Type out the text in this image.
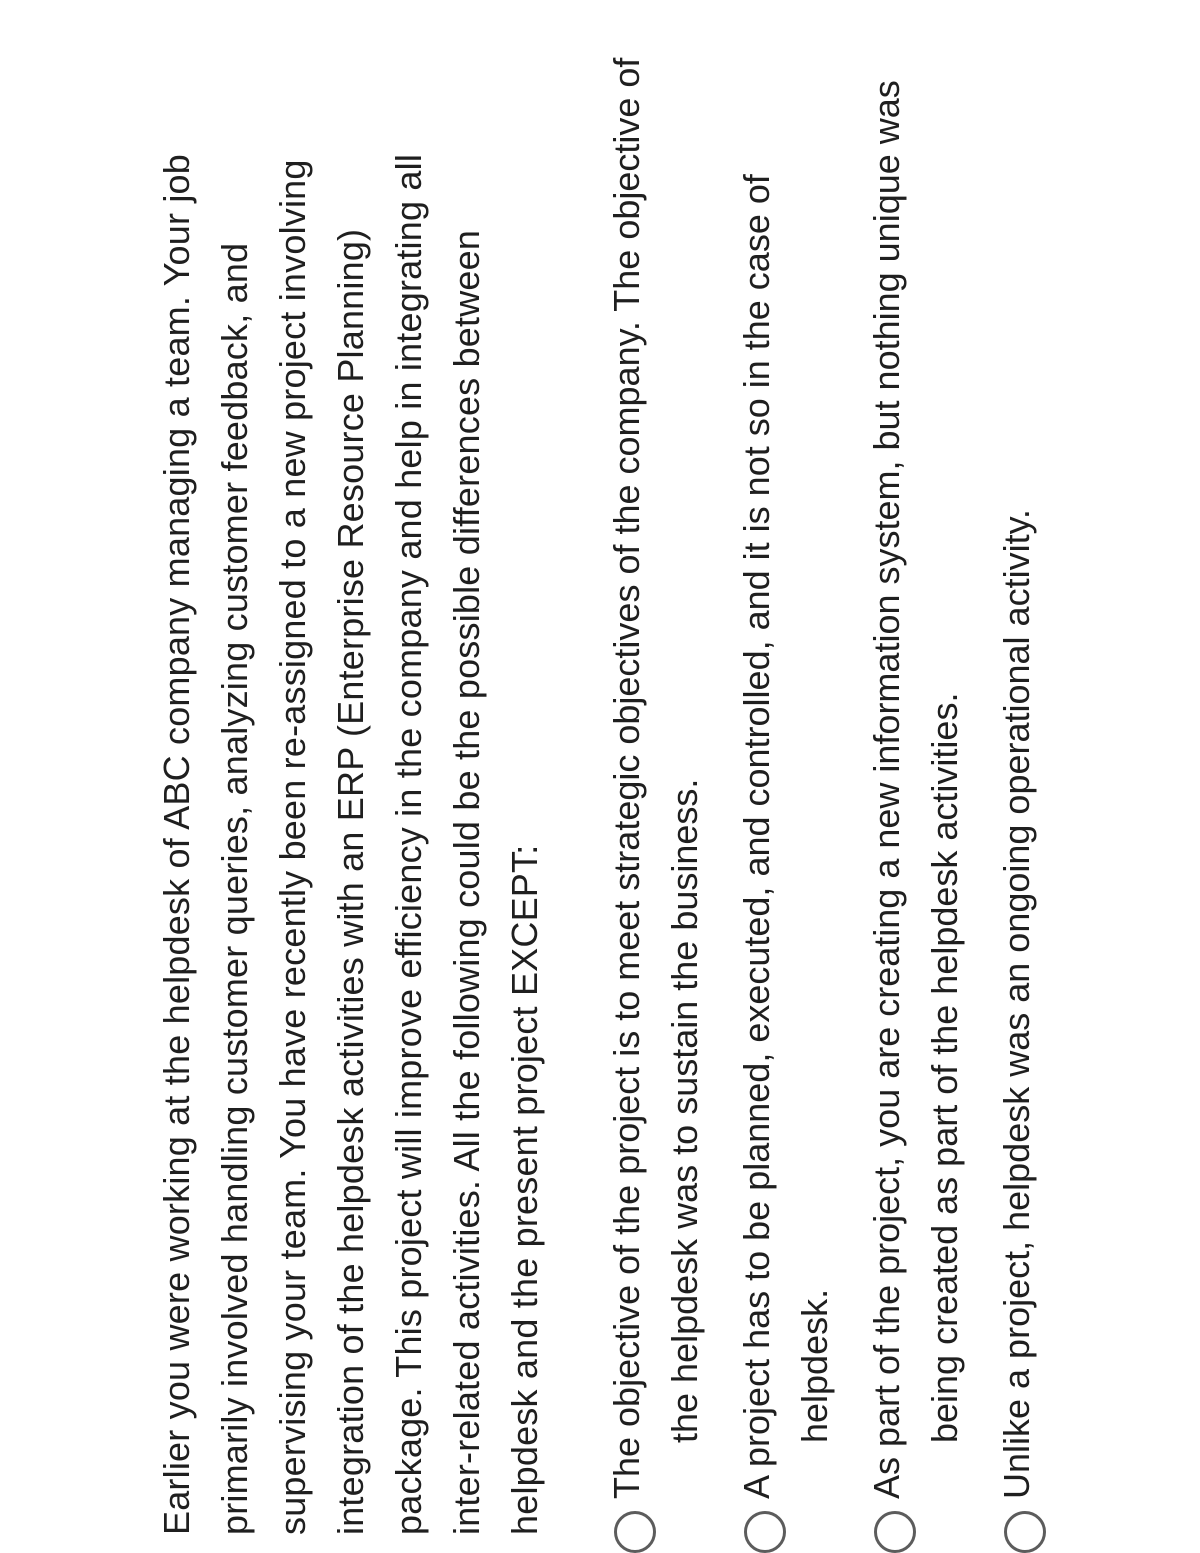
Earlier you were working at the helpdesk of ABC company managing a team. Your job primarily involved handling customer queries, analyzing customer feedback, and supervising your team. You have recently been re-assigned to a new project involving integration of the helpdesk activities with an ERP (Enterprise Resource Planning) package. This project will improve efficiency in the company and help in integrating all inter-related activities. All the following could be the possible differences between helpdesk and the present project EXCEPT: The objective of the project is to meet strategic objectives of the company. The objective of the helpdesk was to sustain the business. A project has to be planned, executed, and controlled, and it is not so in the case of helpdesk. As part of the project, you are creating a new information system, but nothing unique was being created as part of the helpdesk activities. Unlike a project, helpdesk was an ongoing operational activity.
